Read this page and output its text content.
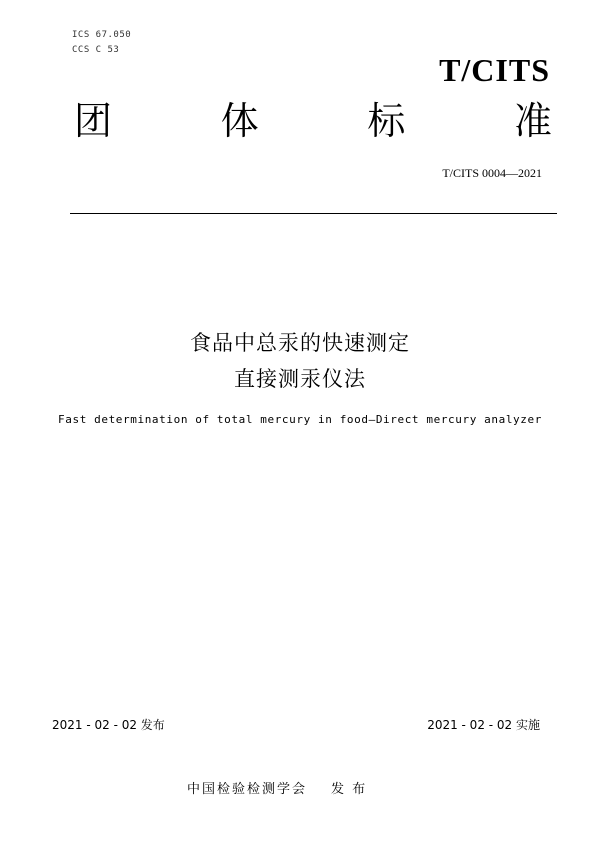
ICS 67.050
CCS C 53
T/CITS
团	体	标	准
T/CITS 0004—2021
食品中总汞的快速测定
直接测汞仪法
Fast determination of total mercury in food—Direct mercury analyzer
2021 - 02 - 02 发布	2021 - 02 - 02 实施
中国检验检测学会 发 布
